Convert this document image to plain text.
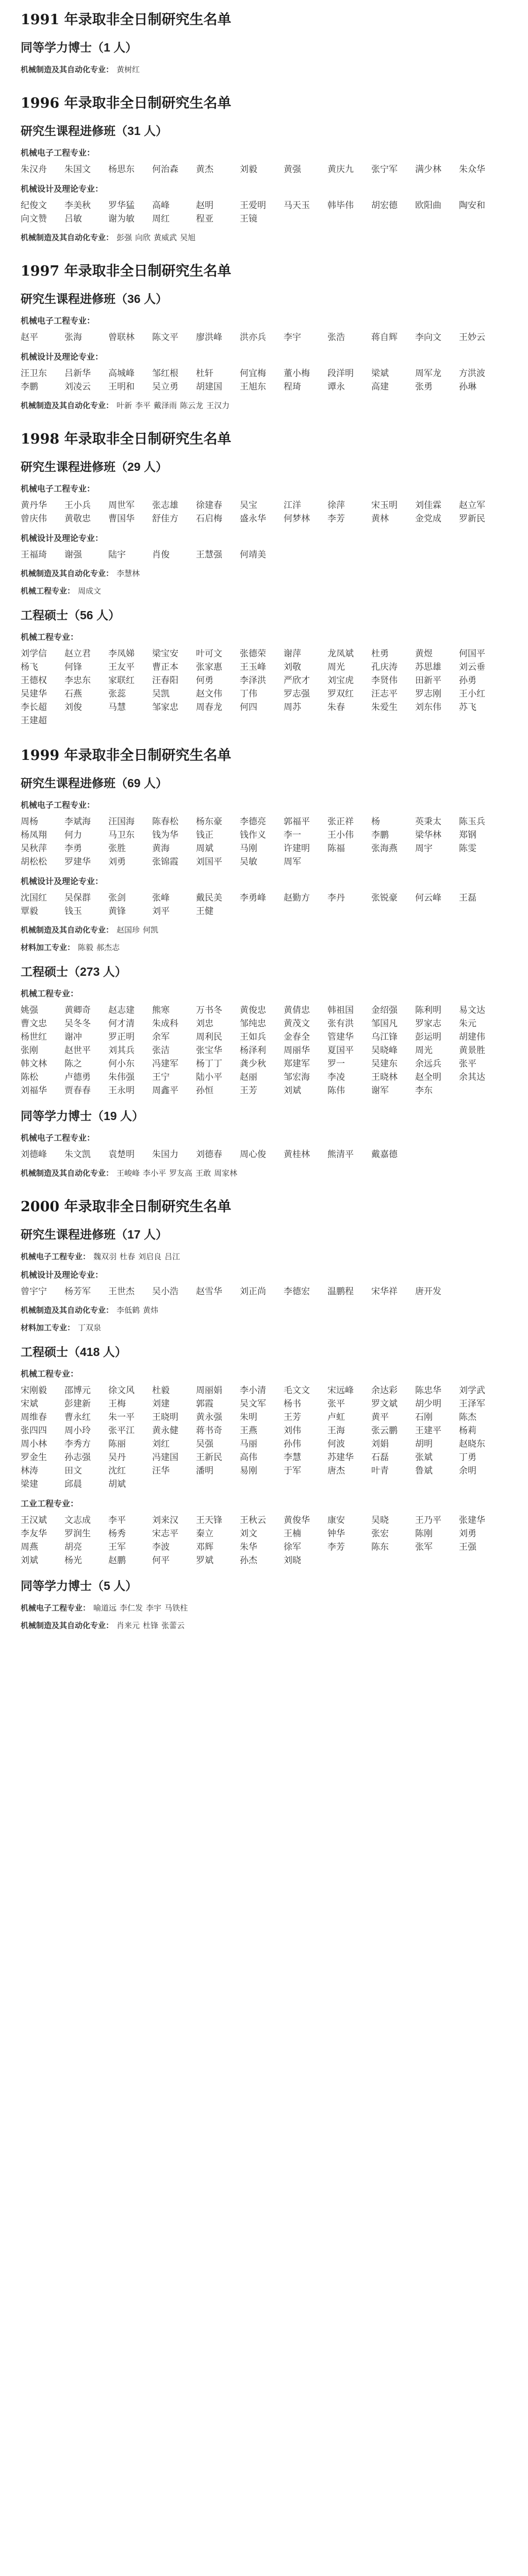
1991 年录取非全日制研究生名单
同等学力博士（1 人）
机械制造及其自动化专业： 黄树红
1996 年录取非全日制研究生名单
研究生课程进修班（31 人）
机械电子工程专业：
朱汉舟	朱国文	杨思东	何治森	黄杰	刘毅	黄强	黄庆九	张宁军	满少林	朱众华
机械设计及理论专业：
纪俊文	李美秋	罗华猛	高峰	赵明	王爱明	马天玉	韩毕伟	胡宏德	欧阳曲	陶安和
向文赞	吕敏	谢为敏	周红	程亚	王镜
机械制造及其自动化专业： 彭强 向欣 黄威武 吴旭
1997 年录取非全日制研究生名单
研究生课程进修班（36 人）
机械电子工程专业：
赵平	张海	曾联林	陈文平	廖洪峰	洪亦兵	李宇	张浩	蒋自辉	李向文	王妙云
机械设计及理论专业：
汪卫东	吕新华	高城峰	邹红根	杜轩	何宜梅	董小梅	段洋明	梁斌	周军龙	方洪波
李鹏	刘凌云	王明和	吴立勇	胡建国	王旭东	程琦	谭永	高建	张勇	孙琳
机械制造及其自动化专业： 叶新 李平 戴泽雨 陈云龙 王汉力
1998 年录取非全日制研究生名单
研究生课程进修班（29 人）
机械电子工程专业：
黄丹华	王小兵	周世军	张志雄	徐建春	吴宝	江洋	徐萍	宋玉明	刘佳霖	赵立军
曾庆伟	黄敬忠	曹国华	舒佳方	石启梅	盛永华	何梦林	李芳	黄林	金党成	罗新民
机械设计及理论专业：
王福琦	谢强	陆宇	肖俊	王慧强	何靖美
机械制造及其自动化专业： 李慧林
机械工程专业： 周成文
工程硕士（56 人）
机械工程专业：
刘学信	赵立君	李凤娣	梁宝安	叶可文	张德荣	谢萍	龙凤斌	杜勇	黄煜	何国平
杨飞	何锋	王友平	曹正本	张家惠	王玉峰	刘敬	周光	孔庆涛	苏思雄	刘云垂
王德权	李忠东	家联红	汪春阳	何勇	李泽洪	严欣才	刘宝虎	李贤伟	田新平	孙勇
吴建华	石燕	张蕊	吴凯	赵文伟	丁伟	罗志强	罗双红	汪志平	罗志刚	王小红
李长超	刘俊	马慧	邹家忠	周春龙	何四	周苏	朱春	朱爱生	刘东伟	苏飞
王建超
1999 年录取非全日制研究生名单
研究生课程进修班（69 人）
机械电子工程专业：
周杨	李斌海	汪国海	陈春松	杨东豪	李德亮	郭福平	张正祥	杨	英秉太	陈玉兵
杨凤翔	何力	马卫东	钱为华	钱正	钱作义	李一	王小伟	李鹏	梁华林	郑钢
吴秋萍	李勇	张胜	黄海	周斌	马刚	许建明	陈福	张海燕	周宇	陈雯
胡松松	罗建华	刘勇	张锦霞	刘国平	吴敏	周军
机械设计及理论专业：
沈国红	吴保群	张剑	张峰	戴民美	李勇峰	赵勤方	李丹	张锐豪	何云峰	王磊
覃毅	钱玉	黄锋	刘平	王健
机械制造及其自动化专业： 赵国珍 何凯
材料加工专业： 陈毅 郝杰志
工程硕士（273 人）
机械工程专业：
姚强	黄卿奇	赵志建	熊寒	万书冬	黄俊忠	黄倩忠	韩祖国	金绍强	陈利明	易文达
曹文忠	吴冬冬	何才清	朱成科	刘忠	邹纯忠	黄茂文	张有洪	邹国凡	罗家志	朱元
杨世红	谢冲	罗正明	余军	周利民	王如兵	金春全	管建华	乌江锋	彭运明	胡建伟
张刚	赵世平	刘其兵	张洁	张宝华	杨泽利	周丽华	夏国平	吴晓峰	周光	黄景胜
韩文林	陈之	何小东	冯建军	杨丁丁	龚少秋	郑建军	罗一	吴建东	余远兵	张平
陈松	卢德勇	朱伟强	王宁	陆小平	赵丽	邹宏海	李凌	王晓林	赵全明	余其达
刘福华	贾春春	王永明	周鑫平	孙恒	王芳	刘斌	陈伟	谢军	李东
同等学力博士（19 人）
机械电子工程专业：
刘德峰	朱文凯	袁楚明	朱国力	刘德春	周心俊	黄桂林	熊清平	戴嘉德
机械制造及其自动化专业： 王峻峰 李小平 罗友高 王敢 周家林
2000 年录取非全日制研究生名单
研究生课程进修班（17 人）
机械电子工程专业： 魏双羽 杜春 刘启良 吕江
机械设计及理论专业：
曾宇宁	杨芳军	王世杰	吴小浩	赵雪华	刘正尚	李德宏	温鹏程	宋华祥	唐开发
机械制造及其自动化专业： 李低鹤 黄炜
材料加工专业： 丁双泉
工程硕士（418 人）
机械工程专业：
宋刚毅	邵博元	徐文风	杜毅	周丽娟	李小清	毛文文	宋远峰	余达彩	陈忠华	刘学武
宋斌	彭建新	王梅	刘建	郭霞	吴文军	杨书	张平	罗文斌	胡少明	王泽军
周维春	曹永红	朱一平	王晓明	黄永强	朱明	王芳	卢虹	黄平	石刚	陈杰
张四四	周小玲	张平江	黄永健	蒋书奇	王燕	刘伟	王海	张云鹏	王建平	杨莉
周小林	李秀方	陈丽	刘红	吴强	马丽	孙伟	何波	刘娟	胡明	赵晓东
罗金生	孙志强	吴丹	冯建国	王新民	高伟	李慧	苏建华	石磊	张斌	丁勇
林涛	田文	沈红	汪华	潘明	易刚	于军	唐杰	叶青	鲁斌	余明
梁建	邱晨	胡斌
工业工程专业：
王汉斌	文志成	李平	刘来汉	王天锋	王秋云	黄俊华	康安	吴晓	王乃平	张建华
李友华	罗润生	杨秀	宋志平	秦立	刘文	王楠	钟华	张宏	陈刚	刘勇
周燕	胡亮	王军	李波	邓辉	朱华	徐军	李芳	陈东	张军	王强
刘斌	杨光	赵鹏	何平	罗斌	孙杰	刘晓
同等学力博士（5 人）
机械电子工程专业： 喻道远 李仁发 李宇 马铁柱
机械制造及其自动化专业： 肖来元 杜锋 张蕾云
